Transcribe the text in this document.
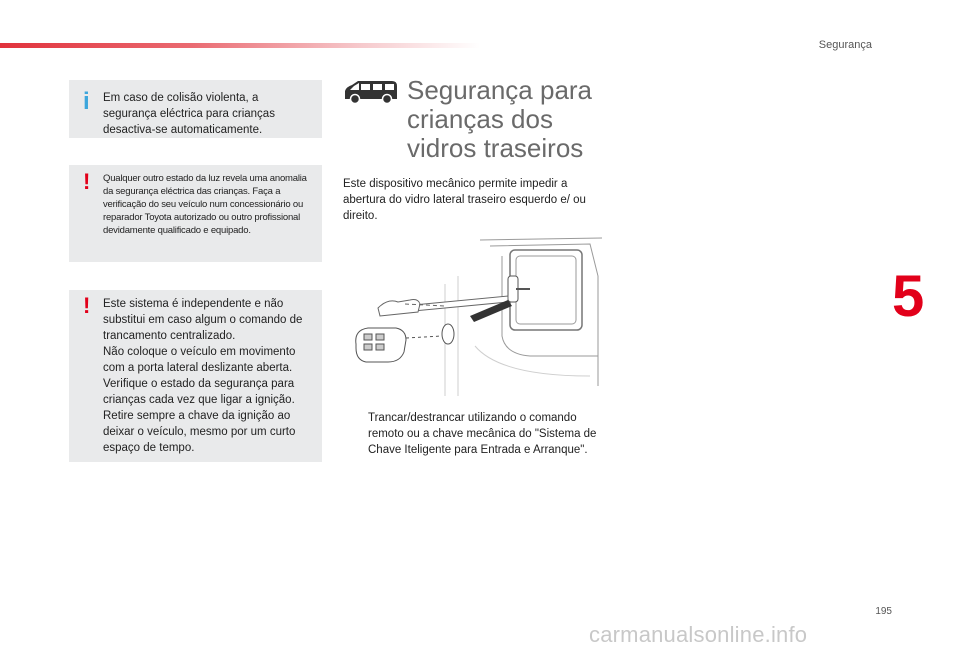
Segurança
i Em caso de colisão violenta, a segurança eléctrica para crianças desactiva-se automaticamente.
! Qualquer outro estado da luz revela uma anomalia da segurança eléctrica das crianças. Faça a verificação do seu veículo num concessionário ou reparador Toyota autorizado ou outro profissional devidamente qualificado e equipado.
! Este sistema é independente e não substitui em caso algum o comando de trancamento centralizado.
Não coloque o veículo em movimento com a porta lateral deslizante aberta.
Verifique o estado da segurança para crianças cada vez que ligar a ignição.
Retire sempre a chave da ignição ao deixar o veículo, mesmo por um curto espaço de tempo.
Segurança para crianças dos vidros traseiros
Este dispositivo mecânico permite impedir a abertura do vidro lateral traseiro esquerdo e/ ou direito.
Trancar/destrancar utilizando o comando remoto ou a chave mecânica do "Sistema de Chave Iteligente para Entrada e Arranque".
5
195
carmanualsonline.info
